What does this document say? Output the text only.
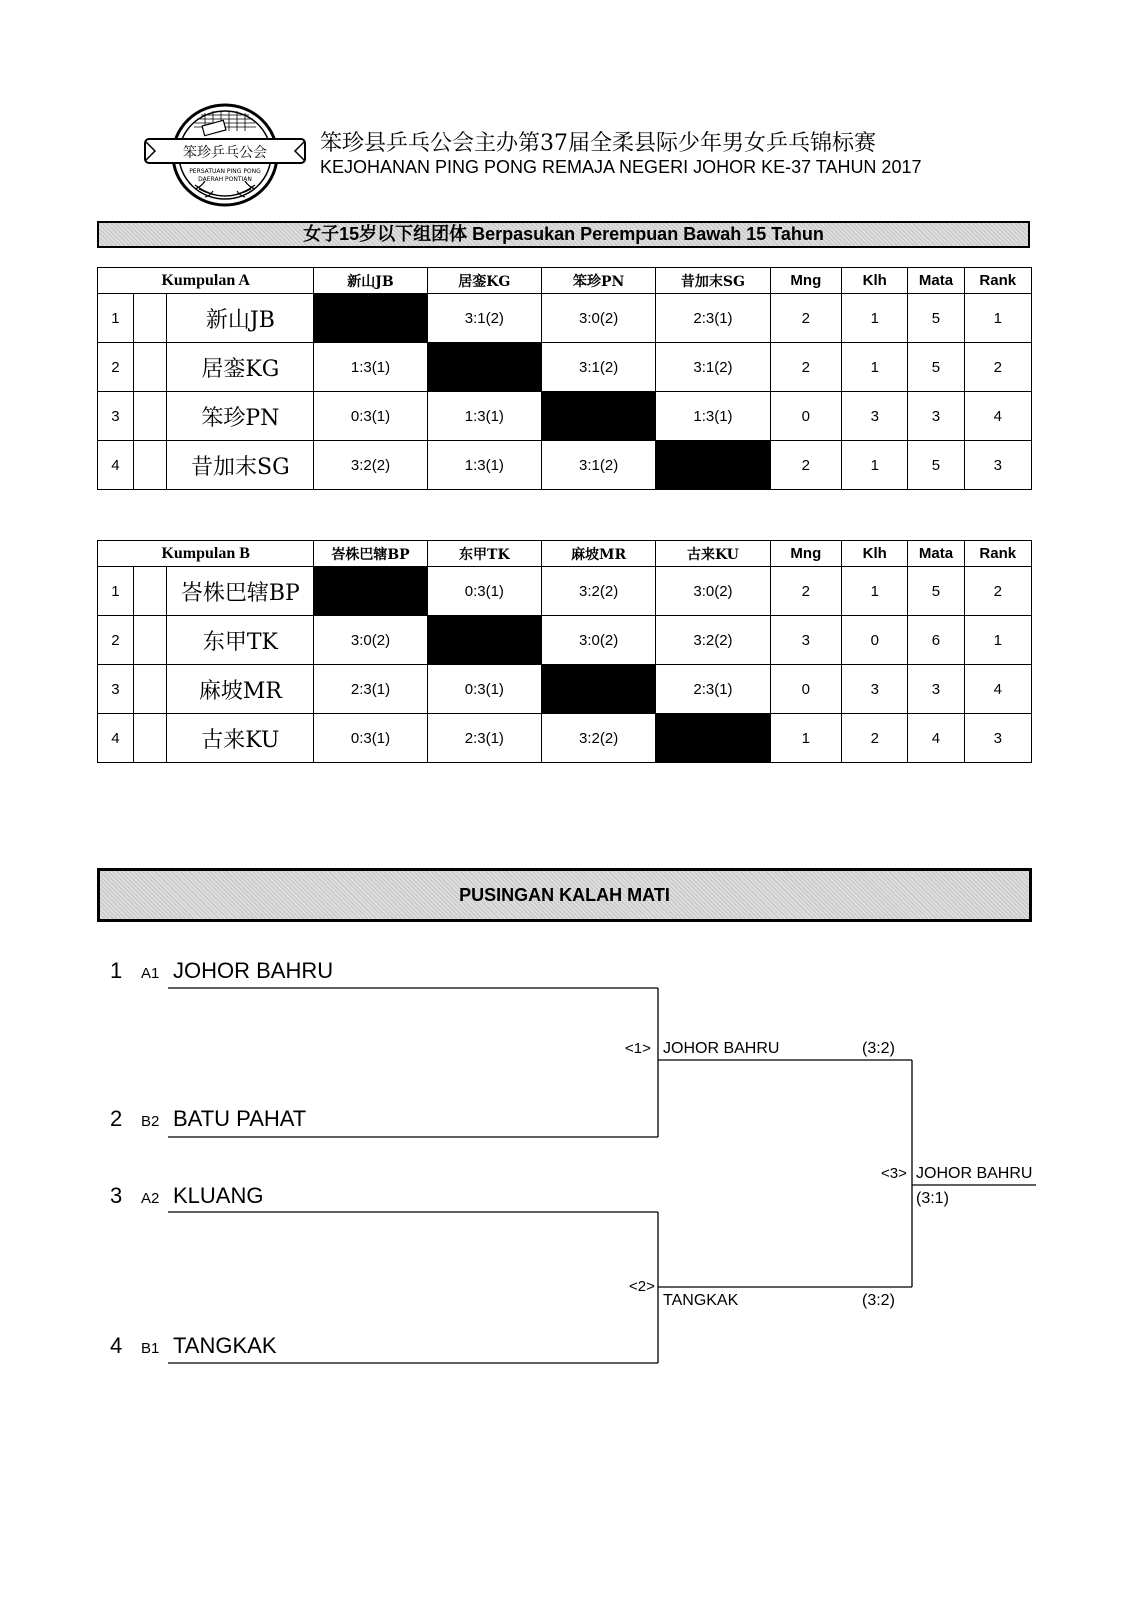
笨珍乒乓公会
PERSATUAN PING PONG
DAERAH PONTIAN
笨珍县乒乓公会主办第37届全柔县际少年男女乒乓锦标赛
KEJOHANAN PING PONG REMAJA NEGERI JOHOR KE-37 TAHUN 2017
女子15岁以下组团体 Berpasukan Perempuan Bawah 15 Tahun
Kumpulan A			新山JB	居銮KG	笨珍PN	昔加末SG	Mng	Klh	Mata	Rank
1		新山JB		3:1(2)	3:0(2)	2:3(1)	2	1	5	1
2		居銮KG	1:3(1)		3:1(2)	3:1(2)	2	1	5	2
3		笨珍PN	0:3(1)	1:3(1)		1:3(1)	0	3	3	4
4		昔加末SG	3:2(2)	1:3(1)	3:1(2)		2	1	5	3
Kumpulan B			峇株巴辖BP	东甲TK	麻坡MR	古来KU	Mng	Klh	Mata	Rank
1		峇株巴辖BP		0:3(1)	3:2(2)	3:0(2)	2	1	5	2
2		东甲TK	3:0(2)		3:0(2)	3:2(2)	3	0	6	1
3		麻坡MR	2:3(1)	0:3(1)		2:3(1)	0	3	3	4
4		古来KU	0:3(1)	2:3(1)	3:2(2)		1	2	4	3
PUSINGAN KALAH MATI
1 A1 JOHOR BAHRU
2 B2 BATU PAHAT
3 A2 KLUANG
4 B1 TANGKAK
<1> JOHOR BAHRU	(3:2)
<2>
TANGKAK	(3:2)
<3> JOHOR BAHRU
(3:1)
